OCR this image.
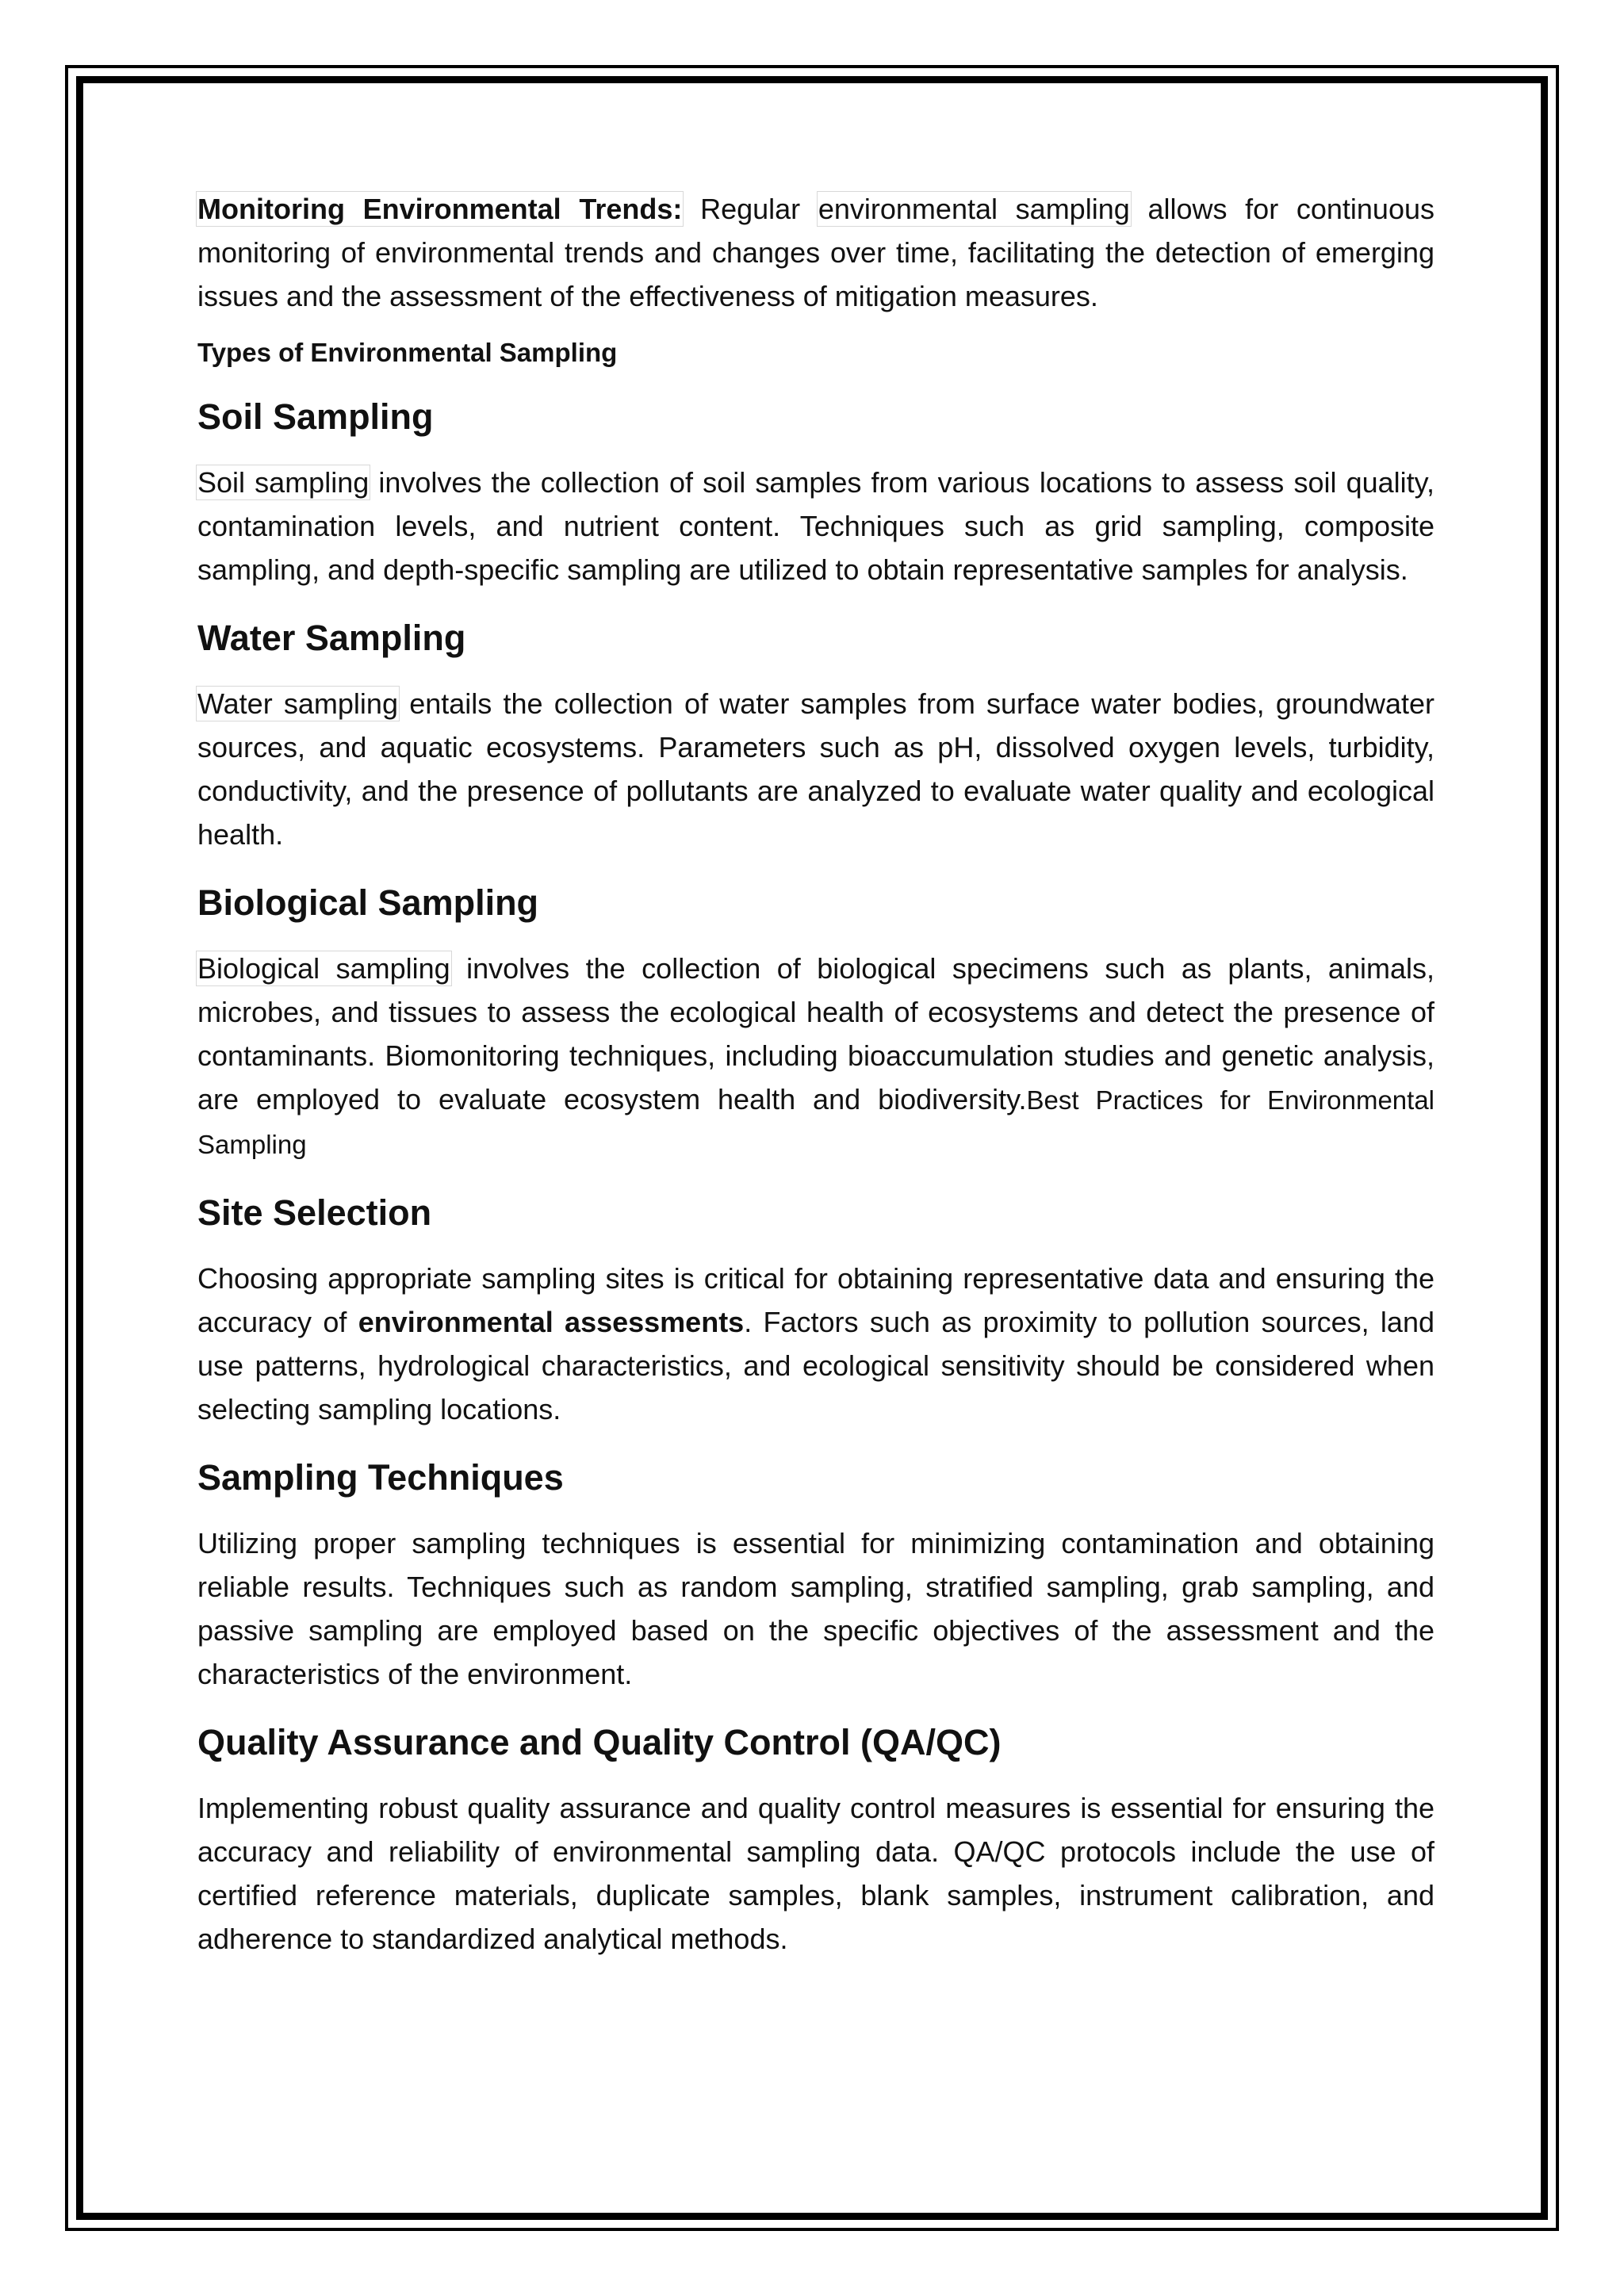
Monitoring Environmental Trends: Regular environmental sampling allows for continuous monitoring of environmental trends and changes over time, facilitating the detection of emerging issues and the assessment of the effectiveness of mitigation measures.

Types of Environmental Sampling
Soil Sampling

Soil sampling involves the collection of soil samples from various locations to assess soil quality, contamination levels, and nutrient content. Techniques such as grid sampling, composite sampling, and depth-specific sampling are utilized to obtain representative samples for analysis.

Water Sampling

Water sampling entails the collection of water samples from surface water bodies, groundwater sources, and aquatic ecosystems. Parameters such as pH, dissolved oxygen levels, turbidity, conductivity, and the presence of pollutants are analyzed to evaluate water quality and ecological health.

Biological Sampling

Biological sampling involves the collection of biological specimens such as plants, animals, microbes, and tissues to assess the ecological health of ecosystems and detect the presence of contaminants. Biomonitoring techniques, including bioaccumulation studies and genetic analysis, are employed to evaluate ecosystem health and biodiversity.Best Practices for Environmental Sampling

Site Selection

Choosing appropriate sampling sites is critical for obtaining representative data and ensuring the accuracy of environmental assessments. Factors such as proximity to pollution sources, land use patterns, hydrological characteristics, and ecological sensitivity should be considered when selecting sampling locations.

Sampling Techniques

Utilizing proper sampling techniques is essential for minimizing contamination and obtaining reliable results. Techniques such as random sampling, stratified sampling, grab sampling, and passive sampling are employed based on the specific objectives of the assessment and the characteristics of the environment.

Quality Assurance and Quality Control (QA/QC)

Implementing robust quality assurance and quality control measures is essential for ensuring the accuracy and reliability of environmental sampling data. QA/QC protocols include the use of certified reference materials, duplicate samples, blank samples, instrument calibration, and adherence to standardized analytical methods.
